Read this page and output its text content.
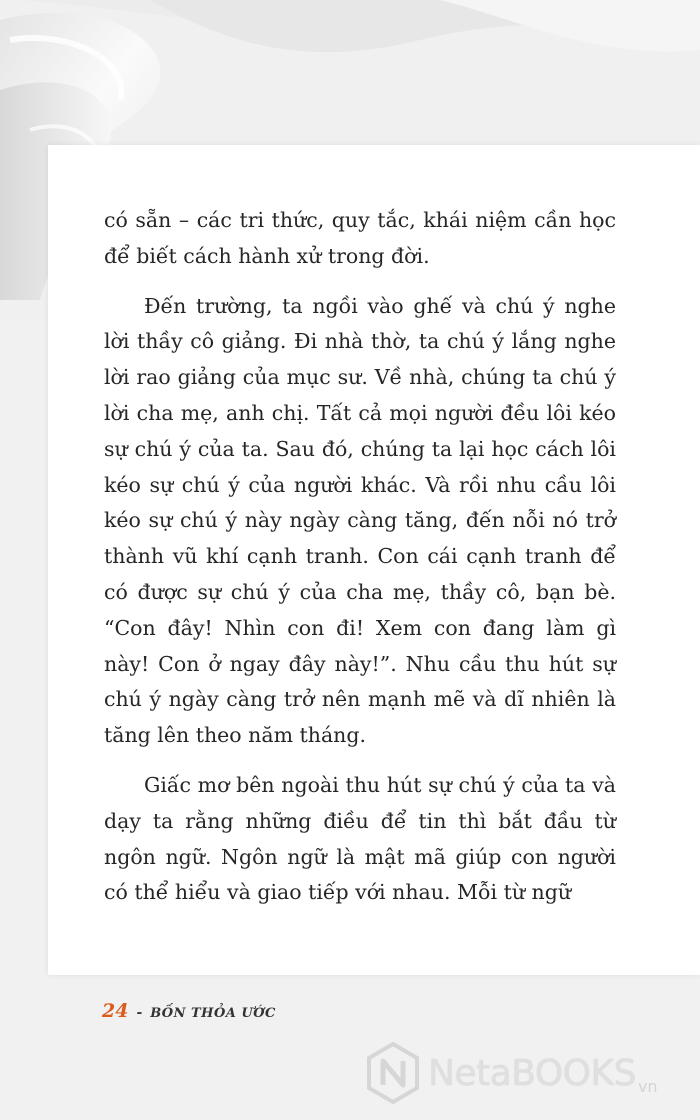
có sẵn – các tri thức, quy tắc, khái niệm cần học để biết cách hành xử trong đời.

Đến trường, ta ngồi vào ghế và chú ý nghe lời thầy cô giảng. Đi nhà thờ, ta chú ý lắng nghe lời rao giảng của mục sư. Về nhà, chúng ta chú ý lời cha mẹ, anh chị. Tất cả mọi người đều lôi kéo sự chú ý của ta. Sau đó, chúng ta lại học cách lôi kéo sự chú ý của người khác. Và rồi nhu cầu lôi kéo sự chú ý này ngày càng tăng, đến nỗi nó trở thành vũ khí cạnh tranh. Con cái cạnh tranh để có được sự chú ý của cha mẹ, thầy cô, bạn bè. “Con đây! Nhìn con đi! Xem con đang làm gì này! Con ở ngay đây này!”. Nhu cầu thu hút sự chú ý ngày càng trở nên mạnh mẽ và dĩ nhiên là tăng lên theo năm tháng.

Giấc mơ bên ngoài thu hút sự chú ý của ta và dạy ta rằng những điều để tin thì bắt đầu từ ngôn ngữ. Ngôn ngữ là mật mã giúp con người có thể hiểu và giao tiếp với nhau. Mỗi từ ngữ

24 - BỐN THỎA ƯỚC
NetaBOOKS vn
